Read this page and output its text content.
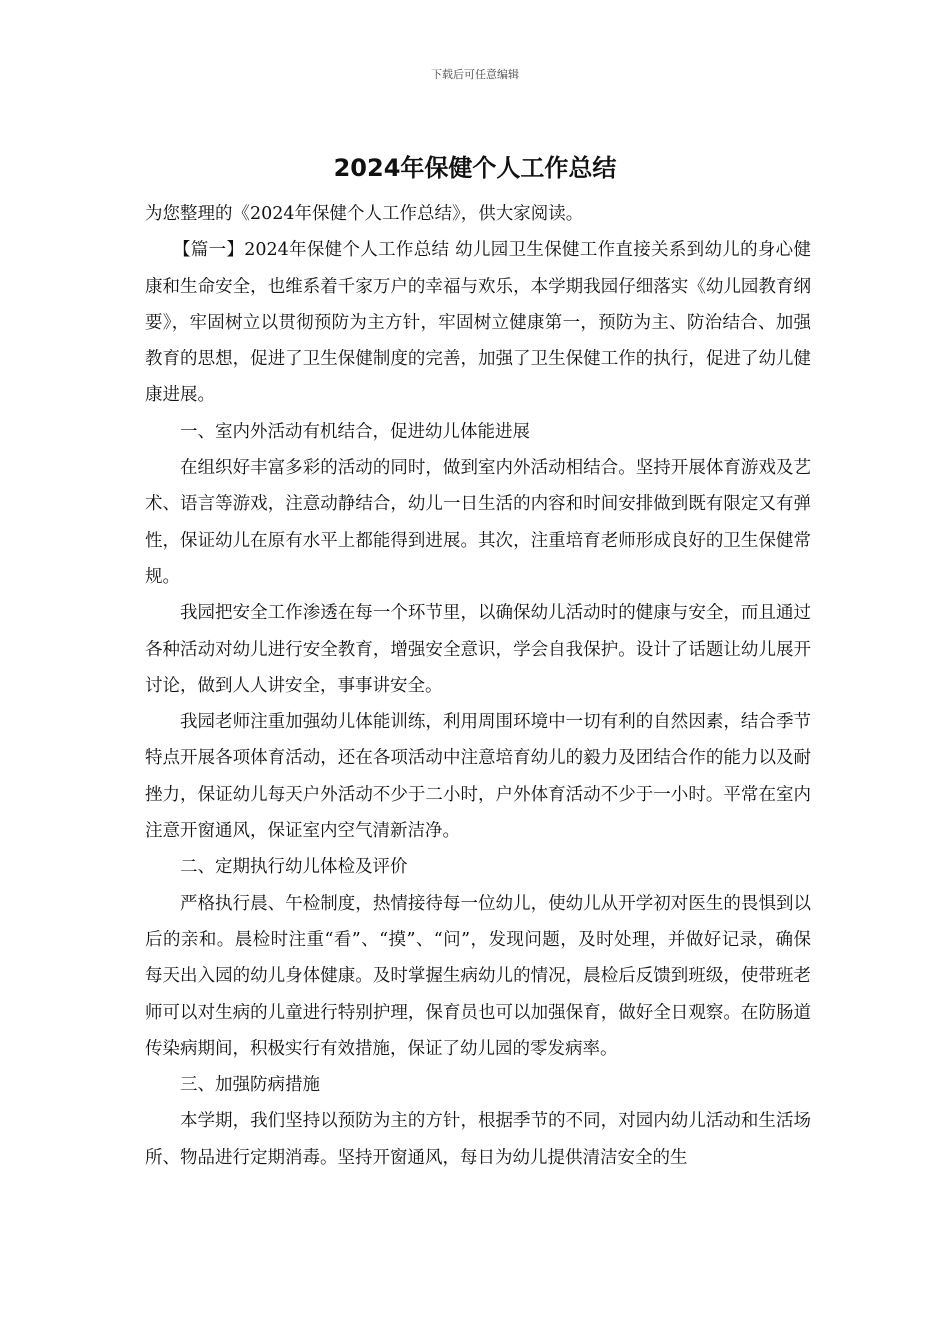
下载后可任意编辑
2024年保健个人工作总结

为您整理的《2024年保健个人工作总结》，供大家阅读。

【篇一】2024年保健个人工作总结 幼儿园卫生保健工作直接关系到幼儿的身心健康和生命安全，也维系着千家万户的幸福与欢乐，本学期我园仔细落实《幼儿园教育纲要》，牢固树立以贯彻预防为主方针，牢固树立健康第一，预防为主、防治结合、加强教育的思想，促进了卫生保健制度的完善，加强了卫生保健工作的执行，促进了幼儿健康进展。

一、室内外活动有机结合，促进幼儿体能进展

在组织好丰富多彩的活动的同时，做到室内外活动相结合。坚持开展体育游戏及艺术、语言等游戏，注意动静结合，幼儿一日生活的内容和时间安排做到既有限定又有弹性，保证幼儿在原有水平上都能得到进展。其次，注重培育老师形成良好的卫生保健常规。

我园把安全工作渗透在每一个环节里，以确保幼儿活动时的健康与安全，而且通过各种活动对幼儿进行安全教育，增强安全意识，学会自我保护。设计了话题让幼儿展开讨论，做到人人讲安全，事事讲安全。

我园老师注重加强幼儿体能训练，利用周围环境中一切有利的自然因素，结合季节特点开展各项体育活动，还在各项活动中注意培育幼儿的毅力及团结合作的能力以及耐挫力，保证幼儿每天户外活动不少于二小时，户外体育活动不少于一小时。平常在室内注意开窗通风，保证室内空气清新洁净。

二、定期执行幼儿体检及评价

严格执行晨、午检制度，热情接待每一位幼儿，使幼儿从开学初对医生的畏惧到以后的亲和。晨检时注重“看”、“摸”、“问”，发现问题，及时处理，并做好记录，确保每天出入园的幼儿身体健康。及时掌握生病幼儿的情况，晨检后反馈到班级，使带班老师可以对生病的儿童进行特别护理，保育员也可以加强保育，做好全日观察。在防肠道传染病期间，积极实行有效措施，保证了幼儿园的零发病率。

三、加强防病措施

本学期，我们坚持以预防为主的方针，根据季节的不同，对园内幼儿活动和生活场所、物品进行定期消毒。坚持开窗通风，每日为幼儿提供清洁安全的生
